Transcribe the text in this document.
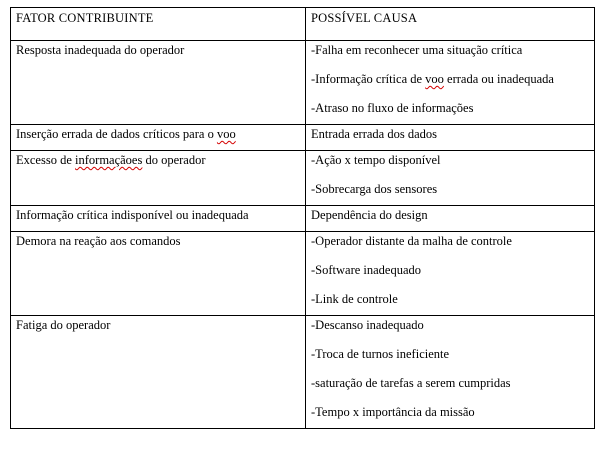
FATOR CONTRIBUINTE	POSSÍVEL CAUSA

Resposta inadequada do operador	-Falha em reconhecer uma situação crítica
-Informação crítica de voo errada ou inadequada
-Atraso no fluxo de informações

Inserção errada de dados críticos para o voo	Entrada errada dos dados

Excesso de informaçãoes do operador	-Ação x tempo disponível
-Sobrecarga dos sensores

Informação crítica indisponível ou inadequada	Dependência do design

Demora na reação aos comandos	-Operador distante da malha de controle
-Software inadequado
-Link de controle

Fatiga do operador	-Descanso inadequado
-Troca de turnos ineficiente
-saturação de tarefas a serem cumpridas
-Tempo x importância da missão
